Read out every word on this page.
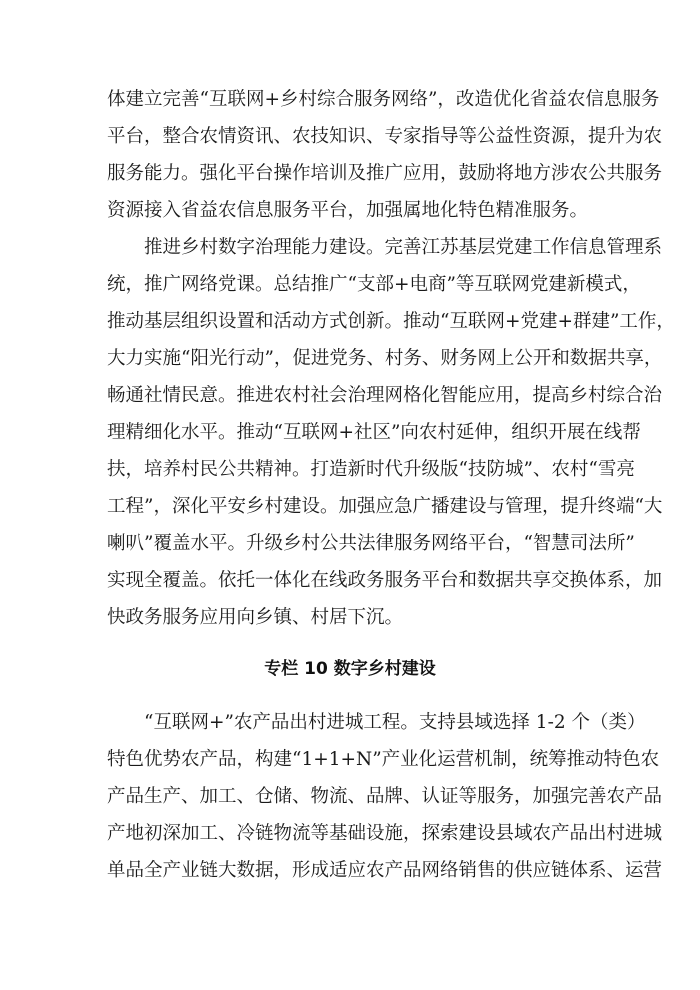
体建立完善“互联网+乡村综合服务网络”，改造优化省益农信息服务
平台，整合农情资讯、农技知识、专家指导等公益性资源，提升为农
服务能力。强化平台操作培训及推广应用，鼓励将地方涉农公共服务
资源接入省益农信息服务平台，加强属地化特色精准服务。
推进乡村数字治理能力建设。完善江苏基层党建工作信息管理系
统，推广网络党课。总结推广“支部+电商”等互联网党建新模式，
推动基层组织设置和活动方式创新。推动“互联网+党建+群建”工作，
大力实施“阳光行动”，促进党务、村务、财务网上公开和数据共享，
畅通社情民意。推进农村社会治理网格化智能应用，提高乡村综合治
理精细化水平。推动“互联网+社区”向农村延伸，组织开展在线帮
扶，培养村民公共精神。打造新时代升级版“技防城”、农村“雪亮
工程”，深化平安乡村建设。加强应急广播建设与管理，提升终端“大
喇叭”覆盖水平。升级乡村公共法律服务网络平台，“智慧司法所”
实现全覆盖。依托一体化在线政务服务平台和数据共享交换体系，加
快政务服务应用向乡镇、村居下沉。
专栏 10 数字乡村建设
“互联网+”农产品出村进城工程。支持县域选择 1-2 个（类）
特色优势农产品，构建“1+1+N”产业化运营机制，统筹推动特色农
产品生产、加工、仓储、物流、品牌、认证等服务，加强完善农产品
产地初深加工、冷链物流等基础设施，探索建设县域农产品出村进城
单品全产业链大数据，形成适应农产品网络销售的供应链体系、运营
